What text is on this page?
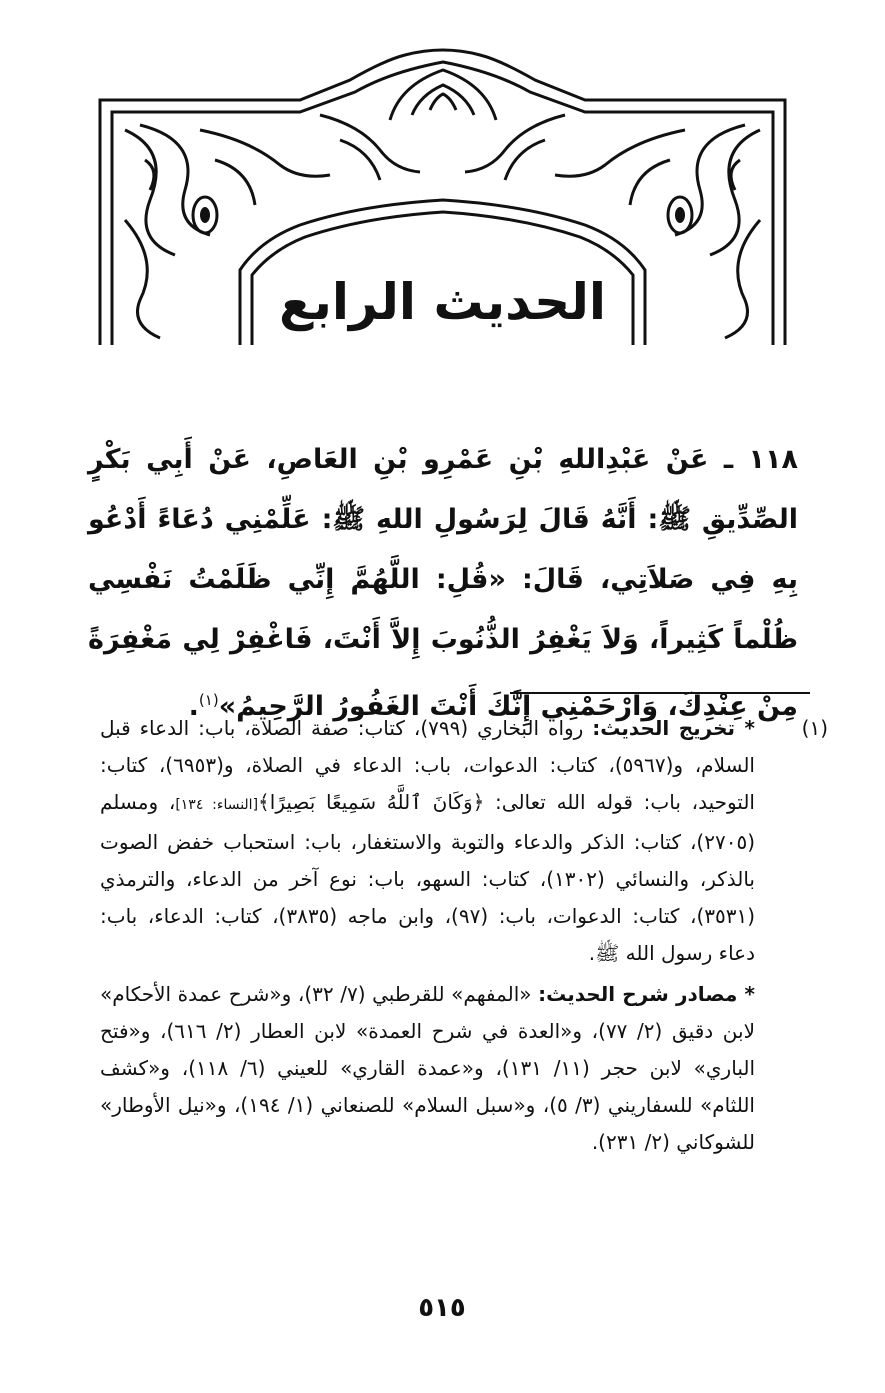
الحديث الرابع
١١٨ ـ عَنْ عَبْدِاللهِ بْنِ عَمْرِو بْنِ العَاصِ، عَنْ أَبِي بَكْرٍ الصِّدِّيقِ ﷺ: أَنَّهُ قَالَ لِرَسُولِ اللهِ ﷺ: عَلِّمْنِي دُعَاءً أَدْعُو بِهِ فِي صَلاَتِي، قَالَ: «قُلِ: اللَّهُمَّ إِنِّي ظَلَمْتُ نَفْسِي ظُلْماً كَثِيراً، وَلاَ يَغْفِرُ الذُّنُوبَ إِلاَّ أَنْتَ، فَاغْفِرْ لِي مَغْفِرَةً مِنْ عِنْدِكَ، وَارْحَمْنِي إِنَّكَ أَنْتَ الغَفُورُ الرَّحِيمُ»$^{(١)}$.
(١)

* تخريج الحديث: رواه البخاري (٧٩٩)، كتاب: صفة الصلاة، باب: الدعاء قبل السلام، و(٥٩٦٧)، كتاب: الدعوات، باب: الدعاء في الصلاة، و(٦٩٥٣)، كتاب: التوحيد، باب: قوله الله تعالى: ﴿وَكَانَ ٱللَّهُ سَمِيعًا بَصِيرًا﴾[النساء: ١٣٤]، ومسلم (٢٧٠٥)، كتاب: الذكر والدعاء والتوبة والاستغفار، باب: استحباب خفض الصوت بالذكر، والنسائي (١٣٠٢)، كتاب: السهو، باب: نوع آخر من الدعاء، والترمذي (٣٥٣١)، كتاب: الدعوات، باب: (٩٧)، وابن ماجه (٣٨٣٥)، كتاب: الدعاء، باب: دعاء رسول الله ﷺ.

* مصادر شرح الحديث: «المفهم» للقرطبي (٧/ ٣٢)، و«شرح عمدة الأحكام» لابن دقيق (٢/ ٧٧)، و«العدة في شرح العمدة» لابن العطار (٢/ ٦١٦)، و«فتح الباري» لابن حجر (١١/ ١٣١)، و«عمدة القاري» للعيني (٦/ ١١٨)، و«كشف اللثام» للسفاريني (٣/ ٥)، و«سبل السلام» للصنعاني (١/ ١٩٤)، و«نيل الأوطار» للشوكاني (٢/ ٢٣١).

٥١٥
